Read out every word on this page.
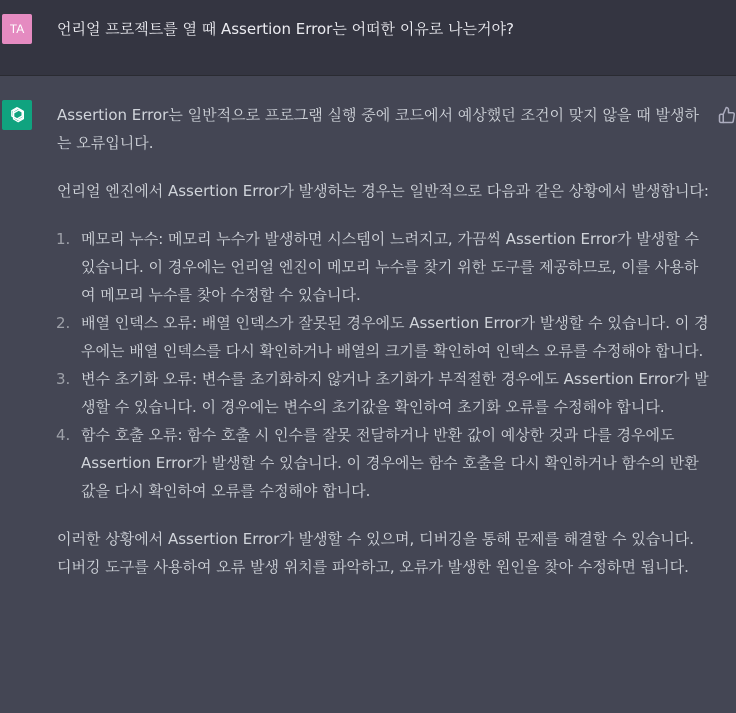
TA	언리얼 프로젝트를 열 때 Assertion Error는 어떠한 이유로 나는거야?

Assertion Error는 일반적으로 프로그램 실행 중에 코드에서 예상했던 조건이 맞지 않을 때 발생하는 오류입니다.

언리얼 엔진에서 Assertion Error가 발생하는 경우는 일반적으로 다음과 같은 상황에서 발생합니다:

1. 메모리 누수: 메모리 누수가 발생하면 시스템이 느려지고, 가끔씩 Assertion Error가 발생할 수 있습니다. 이 경우에는 언리얼 엔진이 메모리 누수를 찾기 위한 도구를 제공하므로, 이를 사용하여 메모리 누수를 찾아 수정할 수 있습니다.
2. 배열 인덱스 오류: 배열 인덱스가 잘못된 경우에도 Assertion Error가 발생할 수 있습니다. 이 경우에는 배열 인덱스를 다시 확인하거나 배열의 크기를 확인하여 인덱스 오류를 수정해야 합니다.
3. 변수 초기화 오류: 변수를 초기화하지 않거나 초기화가 부적절한 경우에도 Assertion Error가 발생할 수 있습니다. 이 경우에는 변수의 초기값을 확인하여 초기화 오류를 수정해야 합니다.
4. 함수 호출 오류: 함수 호출 시 인수를 잘못 전달하거나 반환 값이 예상한 것과 다를 경우에도 Assertion Error가 발생할 수 있습니다. 이 경우에는 함수 호출을 다시 확인하거나 함수의 반환 값을 다시 확인하여 오류를 수정해야 합니다.

이러한 상황에서 Assertion Error가 발생할 수 있으며, 디버깅을 통해 문제를 해결할 수 있습니다. 디버깅 도구를 사용하여 오류 발생 위치를 파악하고, 오류가 발생한 원인을 찾아 수정하면 됩니다.
